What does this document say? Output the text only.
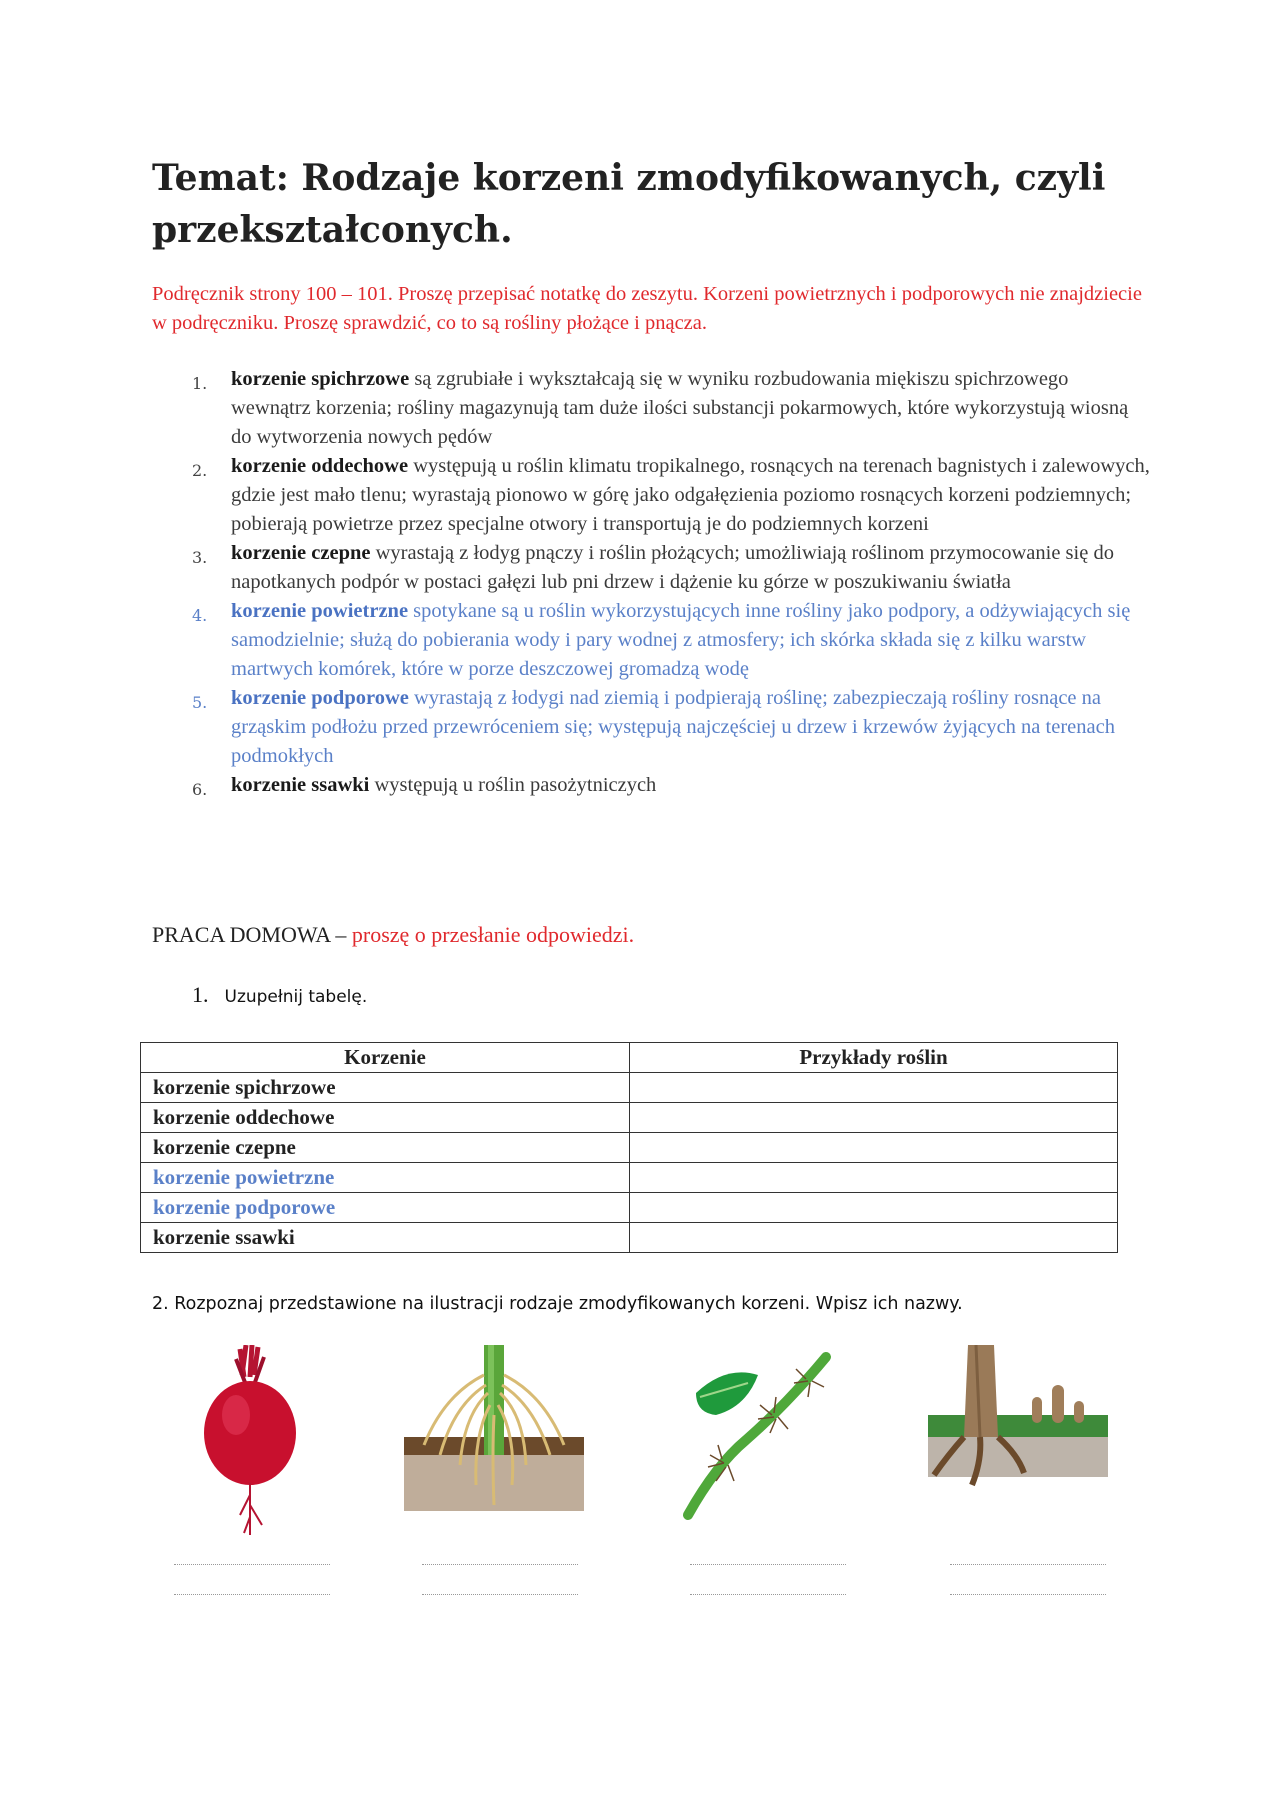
Temat: Rodzaje korzeni zmodyfikowanych, czyli przekształconych.
Podręcznik strony 100 – 101. Proszę przepisać notatkę do zeszytu. Korzeni powietrznych i podporowych nie znajdziecie w podręczniku. Proszę sprawdzić, co to są rośliny płożące i pnącza.
1. korzenie spichrzowe są zgrubiałe i wykształcają się w wyniku rozbudowania miękiszu spichrzowego wewnątrz korzenia; rośliny magazynują tam duże ilości substancji pokarmowych, które wykorzystują wiosną do wytworzenia nowych pędów
2. korzenie oddechowe występują u roślin klimatu tropikalnego, rosnących na terenach bagnistych i zalewowych, gdzie jest mało tlenu; wyrastają pionowo w górę jako odgałęzienia poziomo rosnących korzeni podziemnych; pobierają powietrze przez specjalne otwory i transportują je do podziemnych korzeni
3. korzenie czepne wyrastają z łodyg pnączy i roślin płożących; umożliwiają roślinom przymocowanie się do napotkanych podpór w postaci gałęzi lub pni drzew i dążenie ku górze w poszukiwaniu światła
4. korzenie powietrzne spotykane są u roślin wykorzystujących inne rośliny jako podpory, a odżywiających się samodzielnie; służą do pobierania wody i pary wodnej z atmosfery; ich skórka składa się z kilku warstw martwych komórek, które w porze deszczowej gromadzą wodę
5. korzenie podporowe wyrastają z łodygi nad ziemią i podpierają roślinę; zabezpieczają rośliny rosnące na grząskim podłożu przed przewróceniem się; występują najczęściej u drzew i krzewów żyjących na terenach podmokłych
6. korzenie ssawki występują u roślin pasożytniczych
PRACA DOMOWA – proszę o przesłanie odpowiedzi.
1. Uzupełnij tabelę.
Korzenie	Przykłady roślin
korzenie spichrzowe	
korzenie oddechowe	
korzenie czepne	
korzenie powietrzne	
korzenie podporowe	
korzenie ssawki	
2. Rozpoznaj przedstawione na ilustracji rodzaje zmodyfikowanych korzeni. Wpisz ich nazwy.
